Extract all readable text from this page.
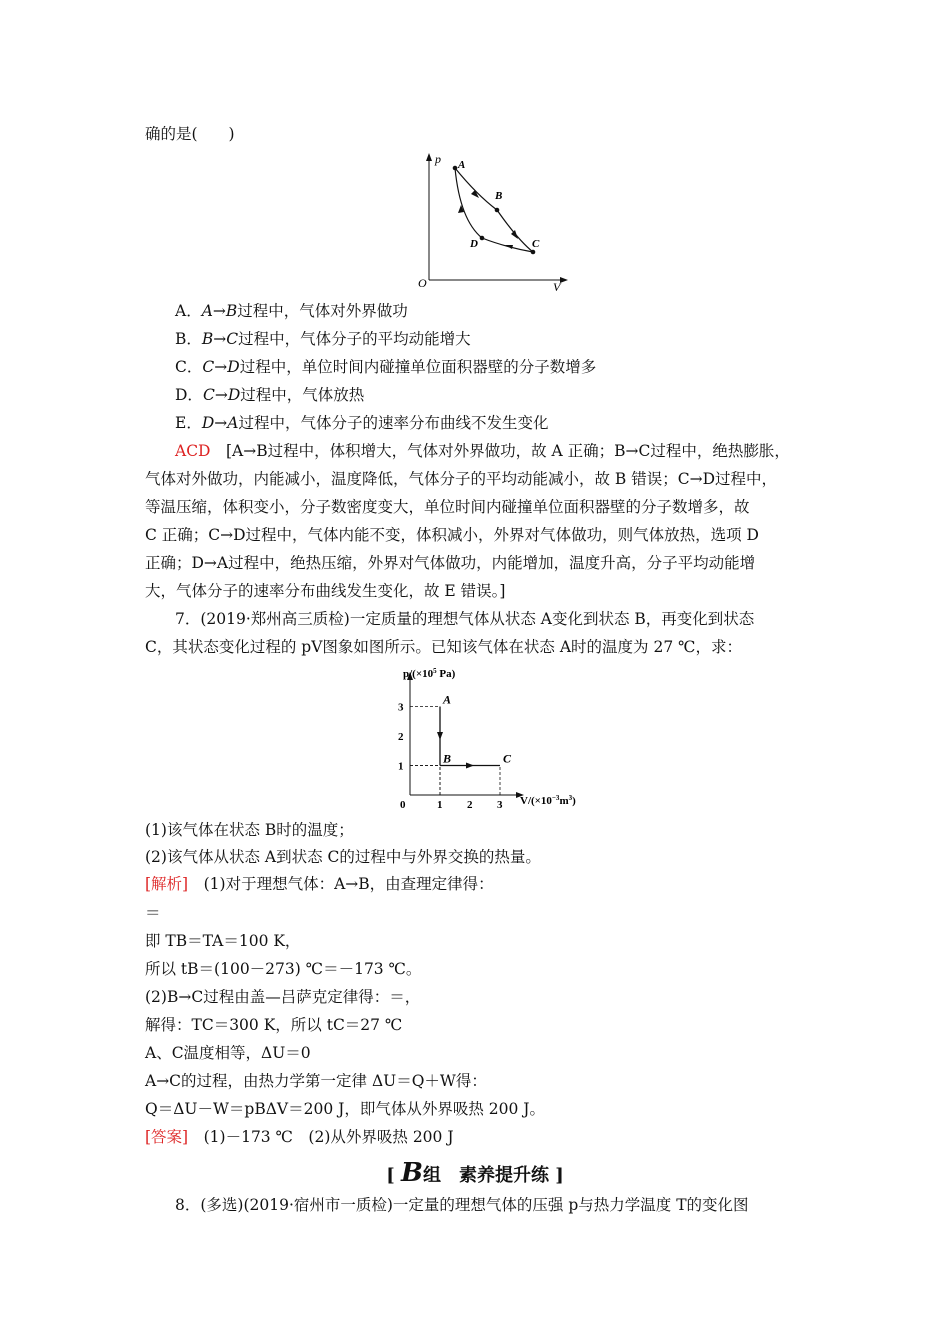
确的是(　　)
p
V
O
A
B
C
D
A．A→B过程中，气体对外界做功
B．B→C过程中，气体分子的平均动能增大
C．C→D过程中，单位时间内碰撞单位面积器壁的分子数增多
D．C→D过程中，气体放热
E．D→A过程中，气体分子的速率分布曲线不发生变化
ACD　 [A→B过程中，体积增大，气体对外界做功，故 A 正确；B→C过程中，绝热膨胀，
气体对外做功，内能减小，温度降低，气体分子的平均动能减小，故 B 错误；C→D过程中，
等温压缩，体积变小，分子数密度变大，单位时间内碰撞单位面积器壁的分子数增多，故
C 正确；C→D过程中，气体内能不变，体积减小，外界对气体做功，则气体放热，选项 D
正确；D→A过程中，绝热压缩，外界对气体做功，内能增加，温度升高，分子平均动能增
大，气体分子的速率分布曲线发生变化，故 E 错误。]
7．(2019·郑州高三质检)一定质量的理想气体从状态 A变化到状态 B，再变化到状态
C，其状态变化过程的 pV图象如图所示。已知该气体在状态 A时的温度为 27 ℃，求：
$p/(\times 10^5$ Pa)
$V/(\times 10^{-3}m^3)$
A
B	C
1
2
3
0	1 2 3
(1)该气体在状态 B时的温度；
(2)该气体从状态 A到状态 C的过程中与外界交换的热量。
[解析]　 (1)对于理想气体：A→B，由查理定律得：
＝
即 TB＝TA＝100 K，
所以 tB＝(100－273) ℃＝－173 ℃。
(2)B→C过程由盖—吕萨克定律得：＝，
解得：TC＝300 K，所以 tC＝27 ℃
A、C温度相等，ΔU＝0
A→C的过程，由热力学第一定律 ΔU＝Q＋W得：
Q＝ΔU－W＝pBΔV＝200 J，即气体从外界吸热 200 J。
[答案]　 (1)－173 ℃　(2)从外界吸热 200 J
[ B组　素养提升练 ]
8．(多选)(2019·宿州市一质检)一定量的理想气体的压强 p与热力学温度 T的变化图
